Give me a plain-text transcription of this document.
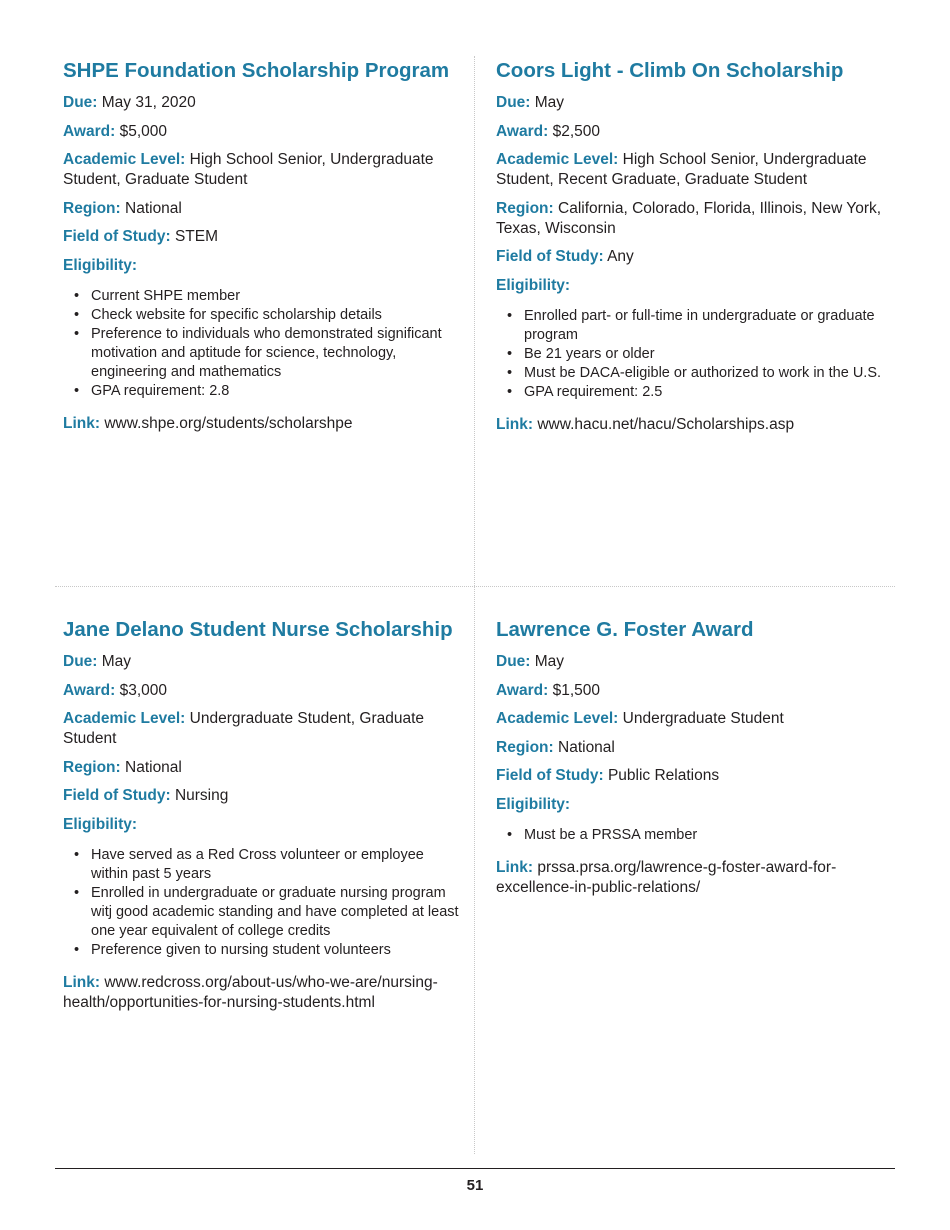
SHPE Foundation Scholarship Program
Due: May 31, 2020
Award: $5,000
Academic Level: High School Senior, Undergraduate Student, Graduate Student
Region: National
Field of Study: STEM
Eligibility:
• Current SHPE member
• Check website for specific scholarship details
• Preference to individuals who demonstrated significant motivation and aptitude for science, technology, engineering and mathematics
• GPA requirement: 2.8
Link: www.shpe.org/students/scholarshpe
Coors Light - Climb On Scholarship
Due: May
Award: $2,500
Academic Level: High School Senior, Undergraduate Student, Recent Graduate, Graduate Student
Region: California, Colorado, Florida, Illinois, New York, Texas, Wisconsin
Field of Study: Any
Eligibility:
• Enrolled part- or full-time in undergraduate or graduate program
• Be 21 years or older
• Must be DACA-eligible or authorized to work in the U.S.
• GPA requirement: 2.5
Link: www.hacu.net/hacu/Scholarships.asp
Jane Delano Student Nurse Scholarship
Due: May
Award: $3,000
Academic Level: Undergraduate Student, Graduate Student
Region: National
Field of Study: Nursing
Eligibility:
• Have served as a Red Cross volunteer or employee within past 5 years
• Enrolled in undergraduate or graduate nursing program witj good academic standing and have completed at least one year equivalent of college credits
• Preference given to nursing student volunteers
Link: www.redcross.org/about-us/who-we-are/nursing-health/opportunities-for-nursing-students.html
Lawrence G. Foster Award
Due: May
Award: $1,500
Academic Level: Undergraduate Student
Region: National
Field of Study: Public Relations
Eligibility:
• Must be a PRSSA member
Link: prssa.prsa.org/lawrence-g-foster-award-for-excellence-in-public-relations/
51
